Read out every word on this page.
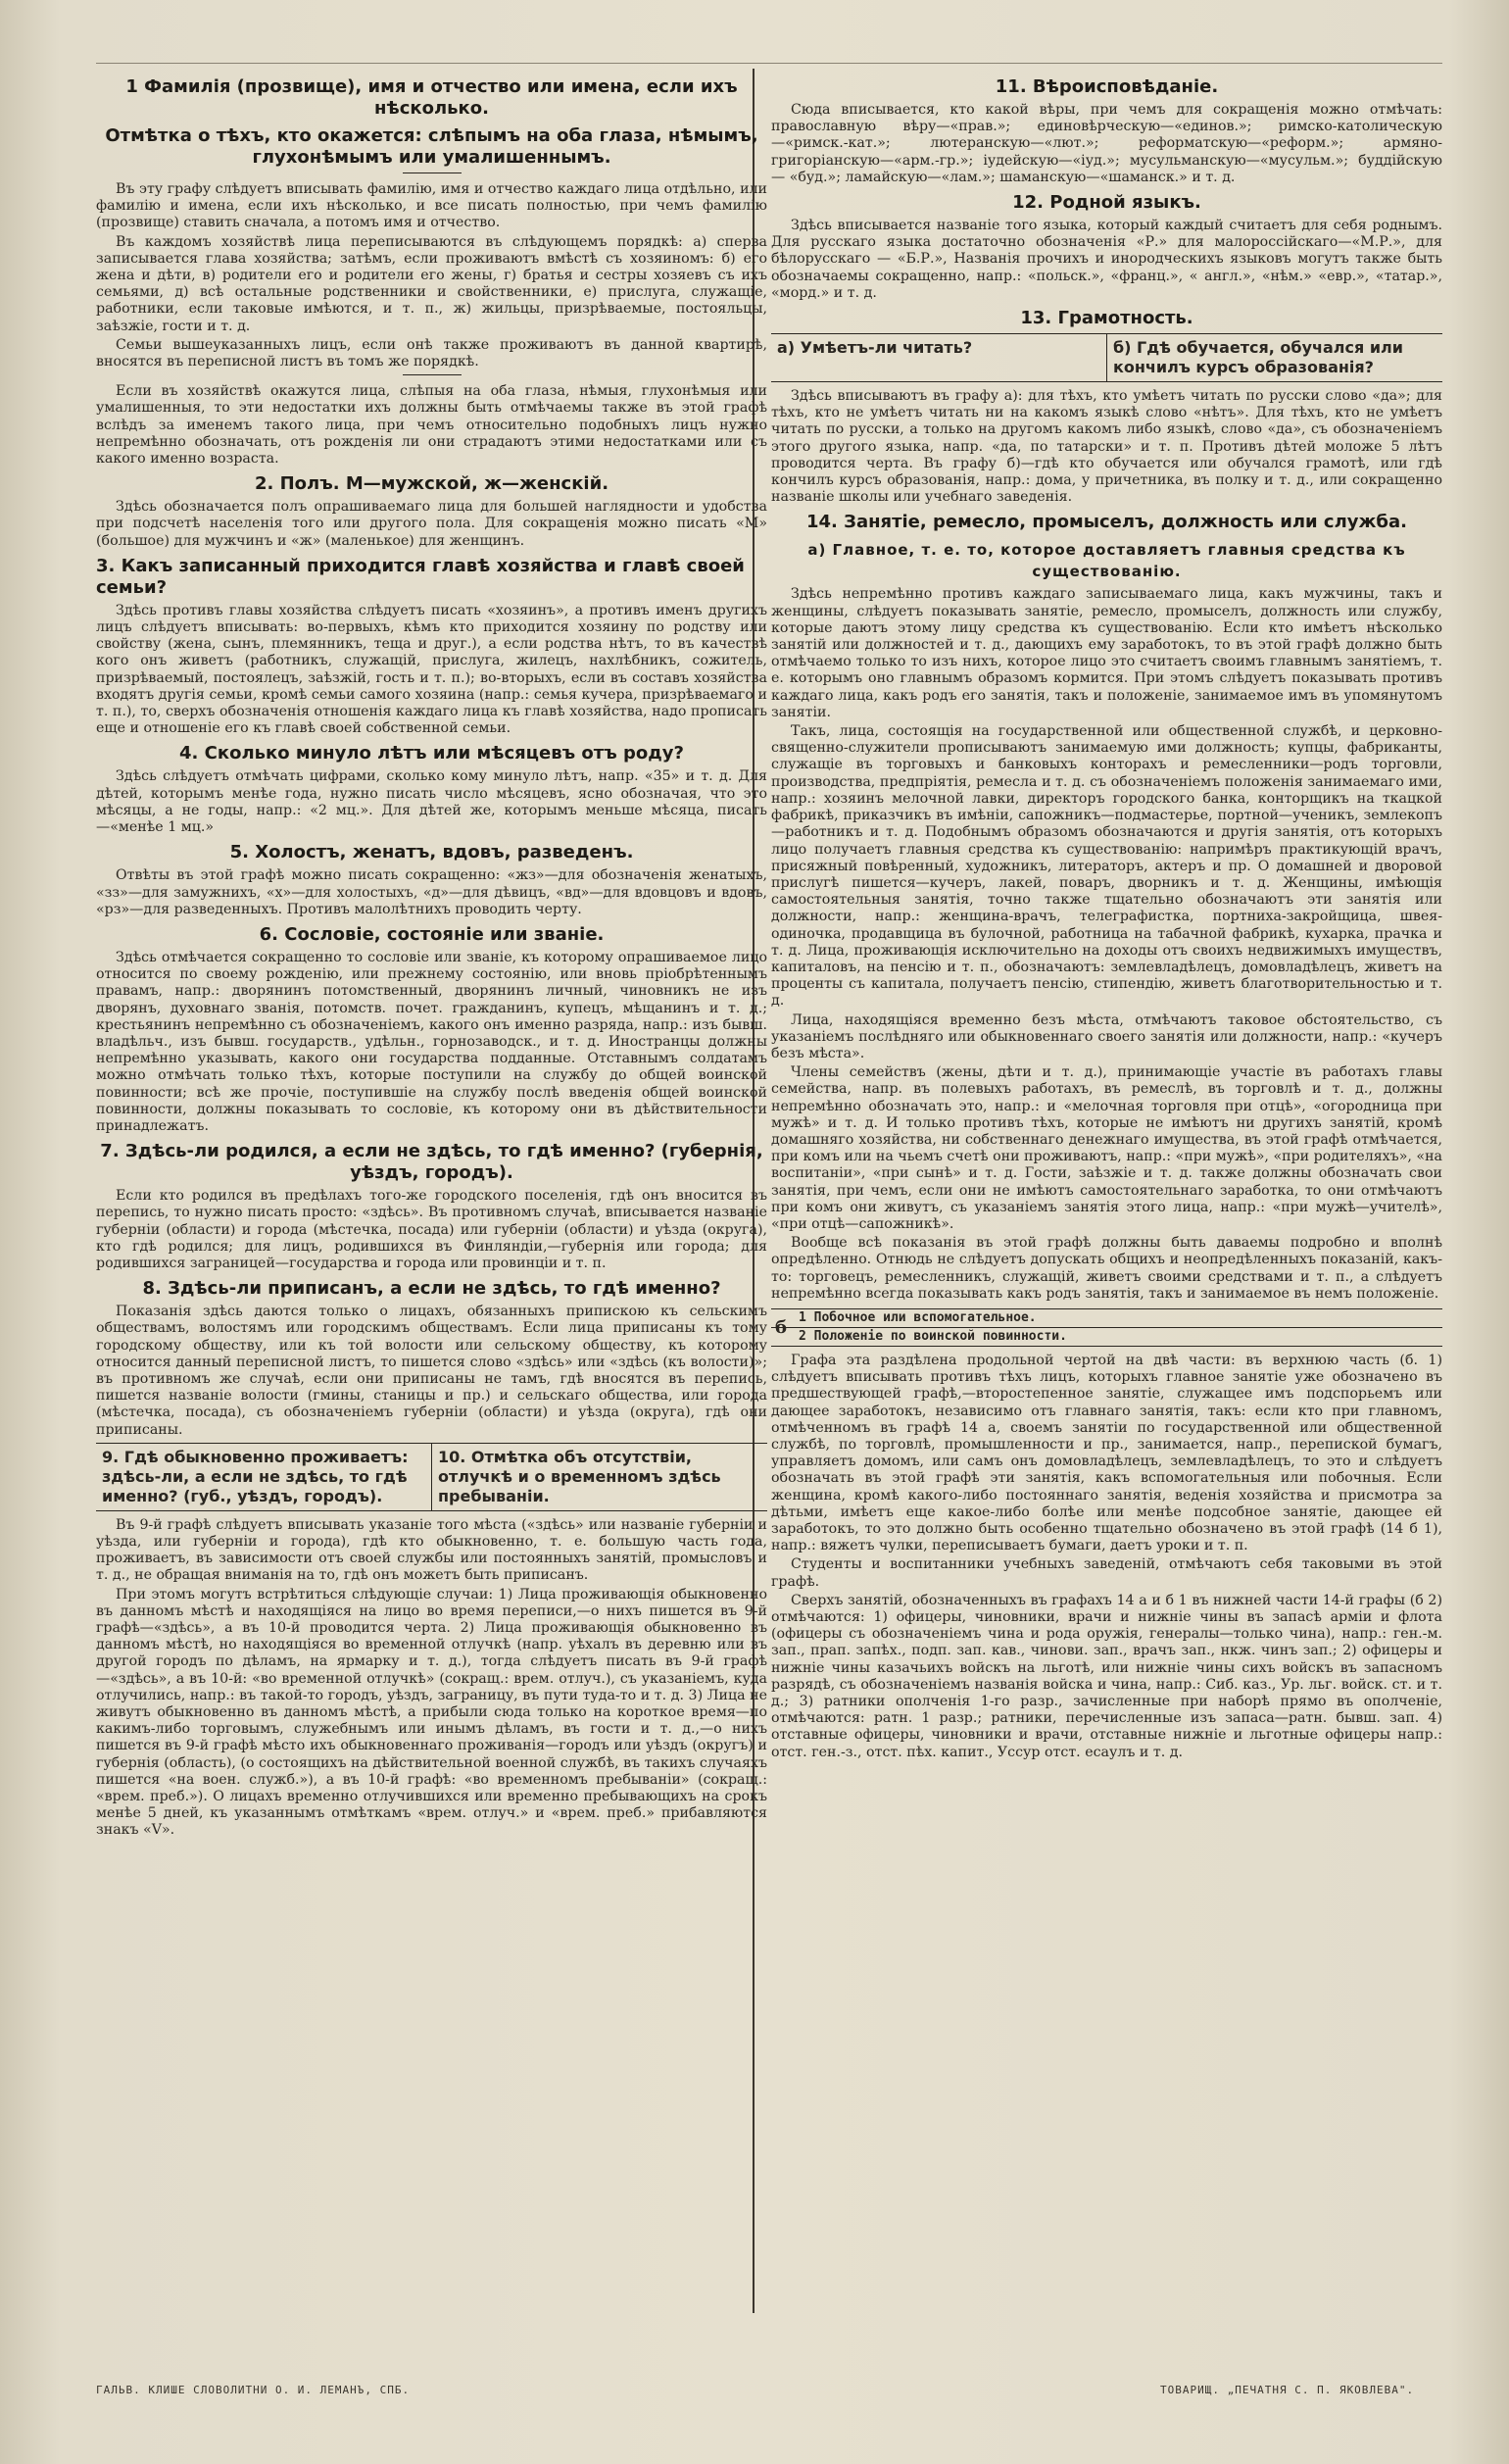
1 Фамилія (прозвище), имя и отчество или имена, если ихъ нѣсколько.
Отмѣтка о тѣхъ, кто окажется: слѣпымъ на оба глаза, нѣмымъ, глухонѣмымъ или умалишеннымъ.

Въ эту графу слѣдуетъ вписывать фамилію, имя и отчество каждаго лица отдѣльно, или фамилію и имена, если ихъ нѣсколько, и все писать полностью, при чемъ фамилію (прозвище) ставить сначала, а потомъ имя и отчество.

Въ каждомъ хозяйствѣ лица переписываются въ слѣдующемъ порядкѣ: а) сперва записывается глава хозяйства; затѣмъ, если проживаютъ вмѣстѣ съ хозяиномъ: б) его жена и дѣти, в) родители его и родители его жены, г) братья и сестры хозяевъ съ ихъ семьями, д) всѣ остальные родственники и свойственники, е) прислуга, служащіе, работники, если таковые имѣются, и т. п., ж) жильцы, призрѣваемые, постояльцы, заѣзжіе, гости и т. д.

Семьи вышеуказанныхъ лицъ, если онѣ также проживаютъ въ данной квартирѣ, вносятся въ переписной листъ въ томъ же порядкѣ.

Если въ хозяйствѣ окажутся лица, слѣпыя на оба глаза, нѣмыя, глухонѣмыя или умалишенныя, то эти недостатки ихъ должны быть отмѣчаемы также въ этой графѣ вслѣдъ за именемъ такого лица, при чемъ относительно подобныхъ лицъ нужно непремѣнно обозначать, отъ рожденія ли они страдаютъ этими недостатками или съ какого именно возраста.

2. Полъ. М—мужской, ж—женскій.

Здѣсь обозначается полъ опрашиваемаго лица для большей наглядности и удобства при подсчетѣ населенія того или другого пола. Для сокращенія можно писать «М» (большое) для мужчинъ и «ж» (маленькое) для женщинъ.

3. Какъ записанный приходится главѣ хозяйства и главѣ своей семьи?

Здѣсь противъ главы хозяйства слѣдуетъ писать «хозяинъ», а противъ именъ другихъ лицъ слѣдуетъ вписывать: во-первыхъ, кѣмъ кто приходится хозяину по родству или свойству (жена, сынъ, племянникъ, теща и друг.), а если родства нѣтъ, то въ качествѣ кого онъ живетъ (работникъ, служащій, прислуга, жилецъ, нахлѣбникъ, сожитель, призрѣваемый, постоялецъ, заѣзжій, гость и т. п.); во-вторыхъ, если въ составъ хозяйства входятъ другія семьи, кромѣ семьи самого хозяина (напр.: семья кучера, призрѣваемаго и т. п.), то, сверхъ обозначенія отношенія каждаго лица къ главѣ хозяйства, надо прописать еще и отношеніе его къ главѣ своей собственной семьи.

4. Сколько минуло лѣтъ или мѣсяцевъ отъ роду?

Здѣсь слѣдуетъ отмѣчать цифрами, сколько кому минуло лѣтъ, напр. «35» и т. д. Для дѣтей, которымъ менѣе года, нужно писать число мѣсяцевъ, ясно обозначая, что это мѣсяцы, а не годы, напр.: «2 мц.». Для дѣтей же, которымъ меньше мѣсяца, писать—«менѣе 1 мц.»

5. Холостъ, женатъ, вдовъ, разведенъ.

Отвѣты въ этой графѣ можно писать сокращенно: «жз»—для обозначенія женатыхъ, «зз»—для замужнихъ, «х»—для холостыхъ, «д»—для дѣвицъ, «вд»—для вдовцовъ и вдовъ, «рз»—для разведенныхъ. Противъ малолѣтнихъ проводить черту.

6. Сословіе, состояніе или званіе.

Здѣсь отмѣчается сокращенно то сословіе или званіе, къ которому опрашиваемое лицо относится по своему рожденію, или прежнему состоянію, или вновь пріобрѣтеннымъ правамъ, напр.: дворянинъ потомственный, дворянинъ личный, чиновникъ не изъ дворянъ, духовнаго званія, потомств. почет. гражданинъ, купецъ, мѣщанинъ и т. д.; крестьянинъ непремѣнно съ обозначеніемъ, какого онъ именно разряда, напр.: изъ бывш. владѣльч., изъ бывш. государств., удѣльн., горнозаводск., и т. д. Иностранцы должны непремѣнно указывать, какого они государства подданные. Отставнымъ солдатамъ можно отмѣчать только тѣхъ, которые поступили на службу до общей воинской повинности; всѣ же прочіе, поступившіе на службу послѣ введенія общей воинской повинности, должны показывать то сословіе, къ которому они въ дѣйствительности принадлежатъ.

7. Здѣсь-ли родился, а если не здѣсь, то гдѣ именно? (губернія, уѣздъ, городъ).

Если кто родился въ предѣлахъ того-же городского поселенія, гдѣ онъ вносится въ перепись, то нужно писать просто: «здѣсь». Въ противномъ случаѣ, вписывается названіе губерніи (области) и города (мѣстечка, посада) или губерніи (области) и уѣзда (округа), кто гдѣ родился; для лицъ, родившихся въ Финляндіи,—губернія или города; для родившихся заграницей—государства и города или провинціи и т. п.

8. Здѣсь-ли приписанъ, а если не здѣсь, то гдѣ именно?

Показанія здѣсь даются только о лицахъ, обязанныхъ припискою къ сельскимъ обществамъ, волостямъ или городскимъ обществамъ. Если лица приписаны къ тому городскому обществу, или къ той волости или сельскому обществу, къ которому относится данный переписной листъ, то пишется слово «здѣсь» или «здѣсь (къ волости)»; въ противномъ же случаѣ, если они приписаны не тамъ, гдѣ вносятся въ перепись, пишется названіе волости (гмины, станицы и пр.) и сельскаго общества, или города (мѣстечка, посада), съ обозначеніемъ губерніи (области) и уѣзда (округа), гдѣ они приписаны.

9. Гдѣ обыкновенно проживаетъ: здѣсь-ли, а если не здѣсь, то гдѣ именно? (губ., уѣздъ, городъ).
10. Отмѣтка объ отсутствіи, отлучкѣ и о временномъ здѣсь пребываніи.

Въ 9-й графѣ слѣдуетъ вписывать указаніе того мѣста («здѣсь» или названіе губерніи и уѣзда, или губерніи и города), гдѣ кто обыкновенно, т. е. большую часть года, проживаетъ, въ зависимости отъ своей службы или постоянныхъ занятій, промысловъ и т. д., не обращая вниманія на то, гдѣ онъ можетъ быть приписанъ.

При этомъ могутъ встрѣтиться слѣдующіе случаи: 1) Лица проживающія обыкновенно въ данномъ мѣстѣ и находящіяся на лицо во время переписи,—о нихъ пишется въ 9-й графѣ—«здѣсь», а въ 10-й проводится черта. 2) Лица проживающія обыкновенно въ данномъ мѣстѣ, но находящіяся во временной отлучкѣ (напр. уѣхалъ въ деревню или въ другой городъ по дѣламъ, на ярмарку и т. д.), тогда слѣдуетъ писать въ 9-й графѣ—«здѣсь», а въ 10-й: «во временной отлучкѣ» (сокращ.: врем. отлуч.), съ указаніемъ, куда отлучились, напр.: въ такой-то городъ, уѣздъ, заграницу, въ пути туда-то и т. д. 3) Лица не живутъ обыкновенно въ данномъ мѣстѣ, а прибыли сюда только на короткое время—по какимъ-либо торговымъ, служебнымъ или инымъ дѣламъ, въ гости и т. д.,—о нихъ пишется въ 9-й графѣ мѣсто ихъ обыкновеннаго проживанія—городъ или уѣздъ (округъ) и губернія (область), (о состоящихъ на дѣйствительной военной службѣ, въ такихъ случаяхъ пишется «на воен. служб.»), а въ 10-й графѣ: «во временномъ пребываніи» (сокращ.: «врем. преб.»). О лицахъ временно отлучившихся или временно пребывающихъ на срокъ менѣе 5 дней, къ указаннымъ отмѣткамъ «врем. отлуч.» и «врем. преб.» прибавляются знакъ «V».

11. Вѣроисповѣданіе.

Сюда вписывается, кто какой вѣры, при чемъ для сокращенія можно отмѣчать: православную вѣру—«прав.»; единовѣрческую—«единов.»; римско-католическую—«римск.-кат.»; лютеранскую—«лют.»; реформатскую—«реформ.»; армяно-григоріанскую—«арм.-гр.»; іудейскую—«іуд.»; мусульманскую—«мусульм.»; буддійскую — «буд.»; ламайскую—«лам.»; шаманскую—«шаманск.» и т. д.

12. Родной языкъ.

Здѣсь вписывается названіе того языка, который каждый считаетъ для себя роднымъ. Для русскаго языка достаточно обозначенія «Р.» для малороссійскаго—«М.Р.», для бѣлорусскаго — «Б.Р.», Названія прочихъ и инородческихъ языковъ могутъ также быть обозначаемы сокращенно, напр.: «польск.», «франц.», « англ.», «нѣм.» «евр.», «татар.», «морд.» и т. д.

13. Грамотность.
а) Умѣетъ-ли читать?	б) Гдѣ обучается, обучался или кончилъ курсъ образованія?

Здѣсь вписываютъ въ графу а): для тѣхъ, кто умѣетъ читать по русски слово «да»; для тѣхъ, кто не умѣетъ читать ни на какомъ языкѣ слово «нѣтъ». Для тѣхъ, кто не умѣетъ читать по русски, а только на другомъ какомъ либо языкѣ, слово «да», съ обозначеніемъ этого другого языка, напр. «да, по татарски» и т. п. Противъ дѣтей моложе 5 лѣтъ проводится черта. Въ графу б)—гдѣ кто обучается или обучался грамотѣ, или гдѣ кончилъ курсъ образованія, напр.: дома, у причетника, въ полку и т. д., или сокращенно названіе школы или учебнаго заведенія.

14. Занятіе, ремесло, промыселъ, должность или служба.
а) Главное, т. е. то, которое доставляетъ главныя средства къ существованію.

Здѣсь непремѣнно противъ каждаго записываемаго лица, какъ мужчины, такъ и женщины, слѣдуетъ показывать занятіе, ремесло, промыселъ, должность или службу, которые даютъ этому лицу средства къ существованію. Если кто имѣетъ нѣсколько занятій или должностей и т. д., дающихъ ему заработокъ, то въ этой графѣ должно быть отмѣчаемо только то изъ нихъ, которое лицо это считаетъ своимъ главнымъ занятіемъ, т. е. которымъ оно главнымъ образомъ кормится. При этомъ слѣдуетъ показывать противъ каждаго лица, какъ родъ его занятія, такъ и положеніе, занимаемое имъ въ упомянутомъ занятіи.

Такъ, лица, состоящія на государственной или общественной службѣ, и церковно-священно-служители прописываютъ занимаемую ими должность; купцы, фабриканты, служащіе въ торговыхъ и банковыхъ конторахъ и ремесленники—родъ торговли, производства, предпріятія, ремесла и т. д. съ обозначеніемъ положенія занимаемаго ими, напр.: хозяинъ мелочной лавки, директоръ городского банка, конторщикъ на ткацкой фабрикѣ, приказчикъ въ имѣніи, сапожникъ—подмастерье, портной—ученикъ, землекопъ—работникъ и т. д. Подобнымъ образомъ обозначаются и другія занятія, отъ которыхъ лицо получаетъ главныя средства къ существованію: напримѣръ практикующій врачъ, присяжный повѣренный, художникъ, литераторъ, актеръ и пр. О домашней и дворовой прислугѣ пишется—кучеръ, лакей, поваръ, дворникъ и т. д. Женщины, имѣющія самостоятельныя занятія, точно также тщательно обозначаютъ эти занятія или должности, напр.: женщина-врачъ, телеграфистка, портниха-закройщица, швея-одиночка, продавщица въ булочной, работница на табачной фабрикѣ, кухарка, прачка и т. д. Лица, проживающія исключительно на доходы отъ своихъ недвижимыхъ имуществъ, капиталовъ, на пенсію и т. п., обозначаютъ: землевладѣлецъ, домовладѣлецъ, живетъ на проценты съ капитала, получаетъ пенсію, стипендію, живетъ благотворительностью и т. д.

Лица, находящіяся временно безъ мѣста, отмѣчаютъ таковое обстоятельство, съ указаніемъ послѣдняго или обыкновеннаго своего занятія или должности, напр.: «кучеръ безъ мѣста».

Члены семействъ (жены, дѣти и т. д.), принимающіе участіе въ работахъ главы семейства, напр. въ полевыхъ работахъ, въ ремеслѣ, въ торговлѣ и т. д., должны непремѣнно обозначать это, напр.: и «мелочная торговля при отцѣ», «огородница при мужѣ» и т. д. И только противъ тѣхъ, которые не имѣютъ ни другихъ занятій, кромѣ домашняго хозяйства, ни собственнаго денежнаго имущества, въ этой графѣ отмѣчается, при комъ или на чьемъ счетѣ они проживаютъ, напр.: «при мужѣ», «при родителяхъ», «на воспитаніи», «при сынѣ» и т. д. Гости, заѣзжіе и т. д. также должны обозначать свои занятія, при чемъ, если они не имѣютъ самостоятельнаго заработка, то они отмѣчаютъ при комъ они живутъ, съ указаніемъ занятія этого лица, напр.: «при мужѣ—учителѣ», «при отцѣ—сапожникѣ».

Вообще всѣ показанія въ этой графѣ должны быть даваемы подробно и вполнѣ опредѣленно. Отнюдь не слѣдуетъ допускать общихъ и неопредѣленныхъ показаній, какъ-то: торговецъ, ремесленникъ, служащій, живетъ своими средствами и т. п., а слѣдуетъ непремѣнно всегда показывать какъ родъ занятія, такъ и занимаемое въ немъ положеніе.

б 1 Побочное или вспомогательное.
2 Положеніе по воинской повинности.

Графа эта раздѣлена продольной чертой на двѣ части: въ верхнюю часть (б. 1) слѣдуетъ вписывать противъ тѣхъ лицъ, которыхъ главное занятіе уже обозначено въ предшествующей графѣ,—второстепенное занятіе, служащее имъ подспорьемъ или дающее заработокъ, независимо отъ главнаго занятія, такъ: если кто при главномъ, отмѣченномъ въ графѣ 14 а, своемъ занятіи по государственной или общественной службѣ, по торговлѣ, промышленности и пр., занимается, напр., перепиской бумагъ, управляетъ домомъ, или самъ онъ домовладѣлецъ, землевладѣлецъ, то это и слѣдуетъ обозначать въ этой графѣ эти занятія, какъ вспомогательныя или побочныя. Если женщина, кромѣ какого-либо постояннаго занятія, веденія хозяйства и присмотра за дѣтьми, имѣетъ еще какое-либо болѣе или менѣе подсобное занятіе, дающее ей заработокъ, то это должно быть особенно тщательно обозначено въ этой графѣ (14 б 1), напр.: вяжетъ чулки, переписываетъ бумаги, даетъ уроки и т. п.

Студенты и воспитанники учебныхъ заведеній, отмѣчаютъ себя таковыми въ этой графѣ.

Сверхъ занятій, обозначенныхъ въ графахъ 14 а и б 1 въ нижней части 14-й графы (б 2) отмѣчаются: 1) офицеры, чиновники, врачи и нижніе чины въ запасѣ арміи и флота (офицеры съ обозначеніемъ чина и рода оружія, генералы—только чина), напр.: ген.-м. зап., прап. запѣх., подп. зап. кав., чинови. зап., врачъ зап., нкж. чинъ зап.; 2) офицеры и нижніе чины казачьихъ войскъ на льготѣ, или нижніе чины сихъ войскъ въ запасномъ разрядѣ, съ обозначеніемъ названія войска и чина, напр.: Сиб. каз., Ур. льг. войск. ст. и т. д.; 3) ратники ополченія 1-го разр., зачисленные при наборѣ прямо въ ополченіе, отмѣчаются: ратн. 1 разр.; ратники, перечисленные изъ запаса—ратн. бывш. зап. 4) отставные офицеры, чиновники и врачи, отставные нижніе и льготные офицеры напр.: отст. ген.-з., отст. пѣх. капит., Уссур отст. есаулъ и т. д.

ГАЛЬВ. КЛИШЕ СЛОВОЛИТНИ О. И. ЛЕМАНЪ, СПБ.	ТОВАРИЩ. „ПЕЧАТНЯ С. П. ЯКОВЛЕВА".
